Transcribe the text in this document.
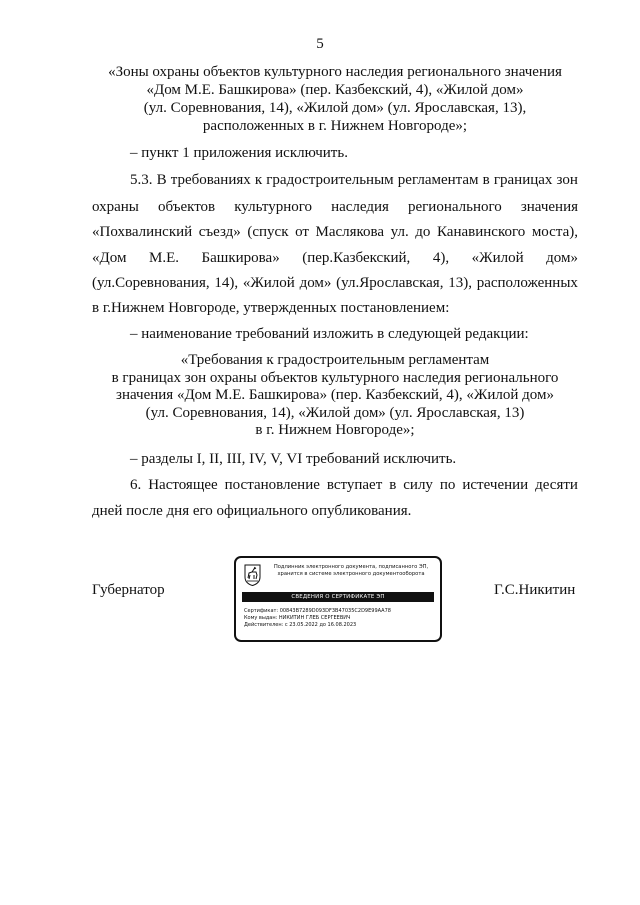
5
«Зоны охраны объектов культурного наследия регионального значения
«Дом М.Е. Башкирова» (пер. Казбекский, 4), «Жилой дом»
(ул. Соревнования, 14), «Жилой дом» (ул. Ярославская, 13),
расположенных в г. Нижнем Новгороде»;
– пункт 1 приложения исключить.
5.3. В требованиях к градостроительным регламентам в границах зон
охраны объектов культурного наследия регионального значения
«Похвалинский съезд» (спуск от Маслякова ул. до Канавинского моста),
«Дом М.Е. Башкирова» (пер.Казбекский, 4), «Жилой дом»
(ул.Соревнования, 14), «Жилой дом» (ул.Ярославская, 13), расположенных
в г.Нижнем Новгороде, утвержденных постановлением:
– наименование требований изложить в следующей редакции:
«Требования к градостроительным регламентам
в границах зон охраны объектов культурного наследия регионального
значения «Дом М.Е. Башкирова» (пер. Казбекский, 4), «Жилой дом»
(ул. Соревнования, 14), «Жилой дом» (ул. Ярославская, 13)
в г. Нижнем Новгороде»;
– разделы I, II, III, IV, V, VI требований исключить.
6. Настоящее постановление вступает в силу по истечении десяти
дней после дня его официального опубликования.
Губернатор	Г.С.Никитин
Подлинник электронного документа, подписанного ЭП,
хранится в системе электронного документооборота
СВЕДЕНИЯ О СЕРТИФИКАТЕ ЭП
Сертификат: 00843B7289D093DF3B47035C2D9E99AA78
Кому выдан: НИКИТИН ГЛЕБ СЕРГЕЕВИЧ
Действителен: с 23.05.2022 до 16.08.2023
